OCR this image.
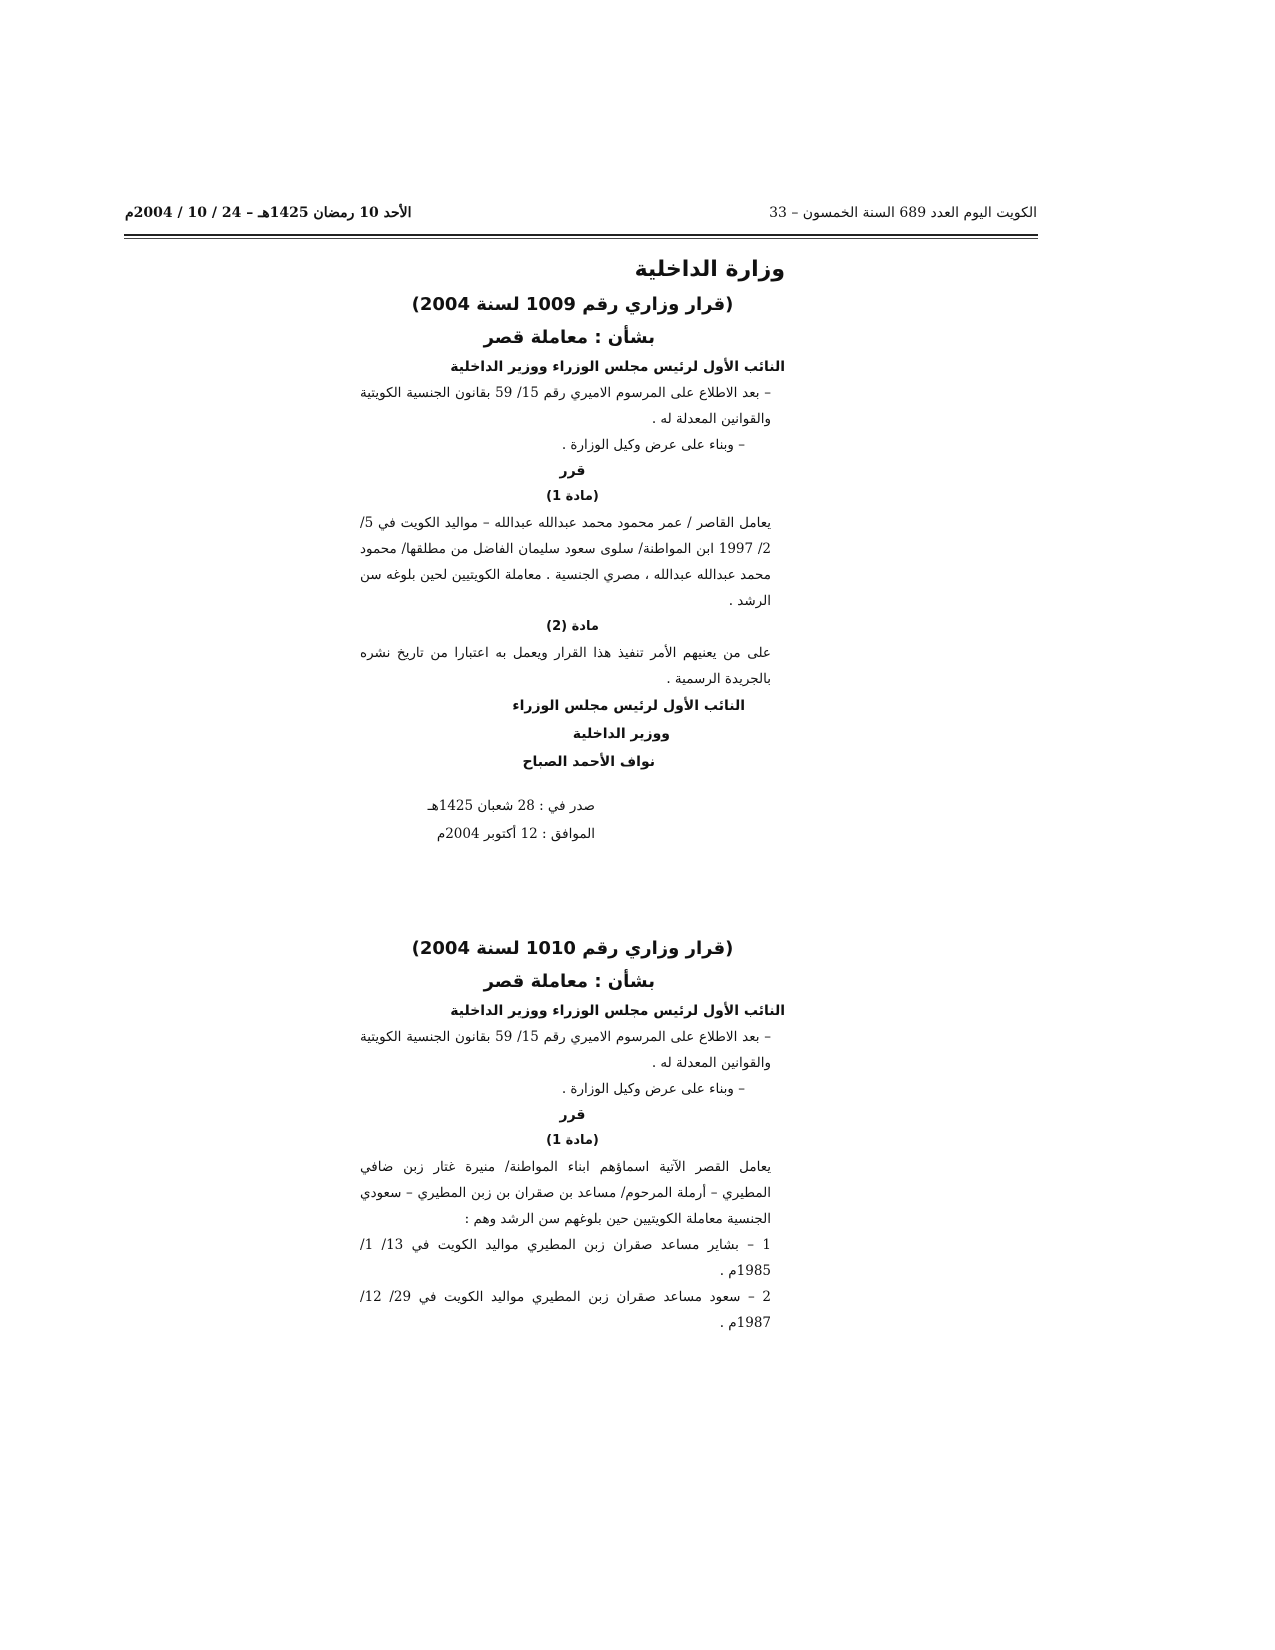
الكويت اليوم العدد 689 السنة الخمسون – 33
الأحد 10 رمضان 1425هـ – 24 / 10 / 2004م
وزارة الداخلية
(قرار وزاري رقم 1009 لسنة 2004)
بشأن : معاملة قصر
النائب الأول لرئيس مجلس الوزراء ووزير الداخلية
– بعد الاطلاع على المرسوم الاميري رقم 15/ 59 بقانون الجنسية الكويتية والقوانين المعدلة له .
– وبناء على عرض وكيل الوزارة .
قرر
(مادة 1)
يعامل القاصر / عمر محمود محمد عبدالله عبدالله – مواليد الكويت في 5/ 2/ 1997 ابن المواطنة/ سلوى سعود سليمان الفاضل من مطلقها/ محمود محمد عبدالله عبدالله ، مصري الجنسية . معاملة الكويتيين لحين بلوغه سن الرشد .
مادة (2)
على من يعنيهم الأمر تنفيذ هذا القرار ويعمل به اعتبارا من تاريخ نشره بالجريدة الرسمية .
النائب الأول لرئيس مجلس الوزراء
ووزير الداخلية
نواف الأحمد الصباح
صدر في : 28 شعبان 1425هـ
الموافق : 12 أكتوبر 2004م
(قرار وزاري رقم 1010 لسنة 2004)
بشأن : معاملة قصر
النائب الأول لرئيس مجلس الوزراء ووزير الداخلية
– بعد الاطلاع على المرسوم الاميري رقم 15/ 59 بقانون الجنسية الكويتية والقوانين المعدلة له .
– وبناء على عرض وكيل الوزارة .
قرر
(مادة 1)
يعامل القصر الآتية اسماؤهم ابناء المواطنة/ منيرة غتار زبن ضافي المطيري – أرملة المرحوم/ مساعد بن صقران بن زبن المطيري – سعودي الجنسية معاملة الكويتيين حين بلوغهم سن الرشد وهم :
1 – بشاير مساعد صقران زبن المطيري مواليد الكويت في 13/ 1/ 1985م .
2 – سعود مساعد صقران زبن المطيري مواليد الكويت في 29/ 12/ 1987م .
